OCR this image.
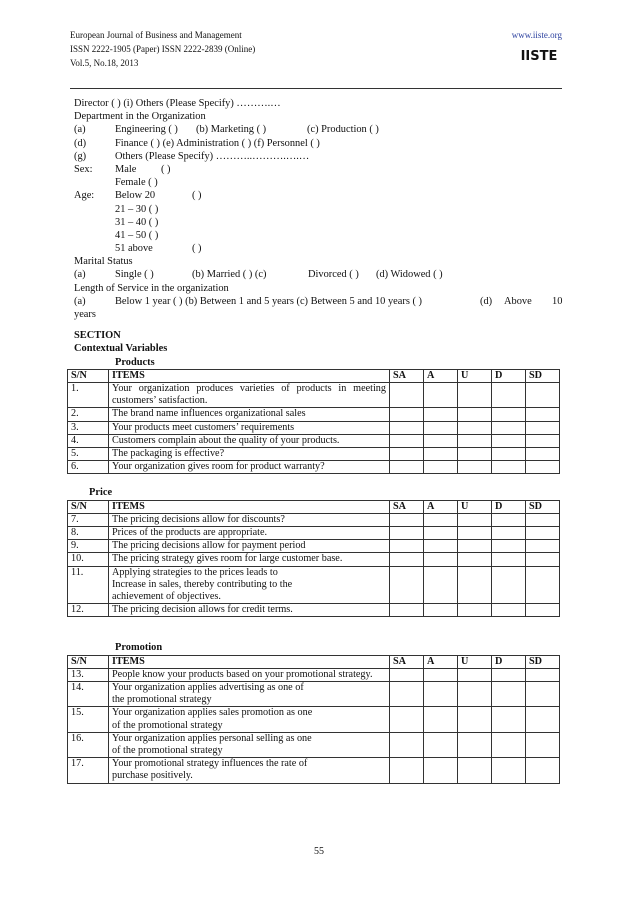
European Journal of Business and Management
ISSN 2222-1905 (Paper) ISSN 2222-2839 (Online)
Vol.5, No.18, 2013
www.iiste.org
IISTE
Director ( ) (i) Others (Please Specify) ……….…
Department in the Organization
(a)	Engineering ( ) (b) Marketing ( )	(c) Production ( )
(d)	Finance ( ) (e) Administration ( ) (f) Personnel ( )
(g)	Others (Please Specify) ………..……….….…
Sex: Male ( )
Female ( )
Age: Below 20	( )
21 – 30 ( )
31 – 40 ( )
41 – 50 ( )
51 above	( )
Marital Status
(a)	Single ( )	(b) Married ( ) (c)	Divorced ( ) (d) Widowed ( )
Length of Service in the organization
(a)	Below 1 year ( ) (b) Between 1 and 5 years (c) Between 5 and 10 years ( )	(d) Above 10
years
SECTION
Contextual Variables
Products
S/N	ITEMS	SA	A	U	D	SD
1.	Your organization produces varieties of products in meeting
customers’ satisfaction.					

2.	The brand name influences organizational sales					
3.	Your products meet customers’ requirements					
4.	Customers complain about the quality of your products.					
5.	The packaging is effective?					
6.	Your organization gives room for product warranty?					
Price
S/N	ITEMS	SA	A	U	D	SD
7.	The pricing decisions allow for discounts?					
8.	Prices of the products are appropriate.					
9.	The pricing decisions allow for payment period					
10.	The pricing strategy gives room for large customer base.					
11.	Applying strategies to the prices leads to
Increase in sales, thereby contributing to the
achievement of objectives.					

12.	The pricing decision allows for credit terms.					
Promotion
S/N	ITEMS	SA	A	U	D	SD
13.	People know your products based on your promotional strategy.					
14.	Your organization applies advertising as one of
the promotional strategy					

15.	Your organization applies sales promotion as one
of the promotional strategy					

16.	Your organization applies personal selling as one
of the promotional strategy					

17.	Your promotional strategy influences the rate of
purchase positively.					

55
